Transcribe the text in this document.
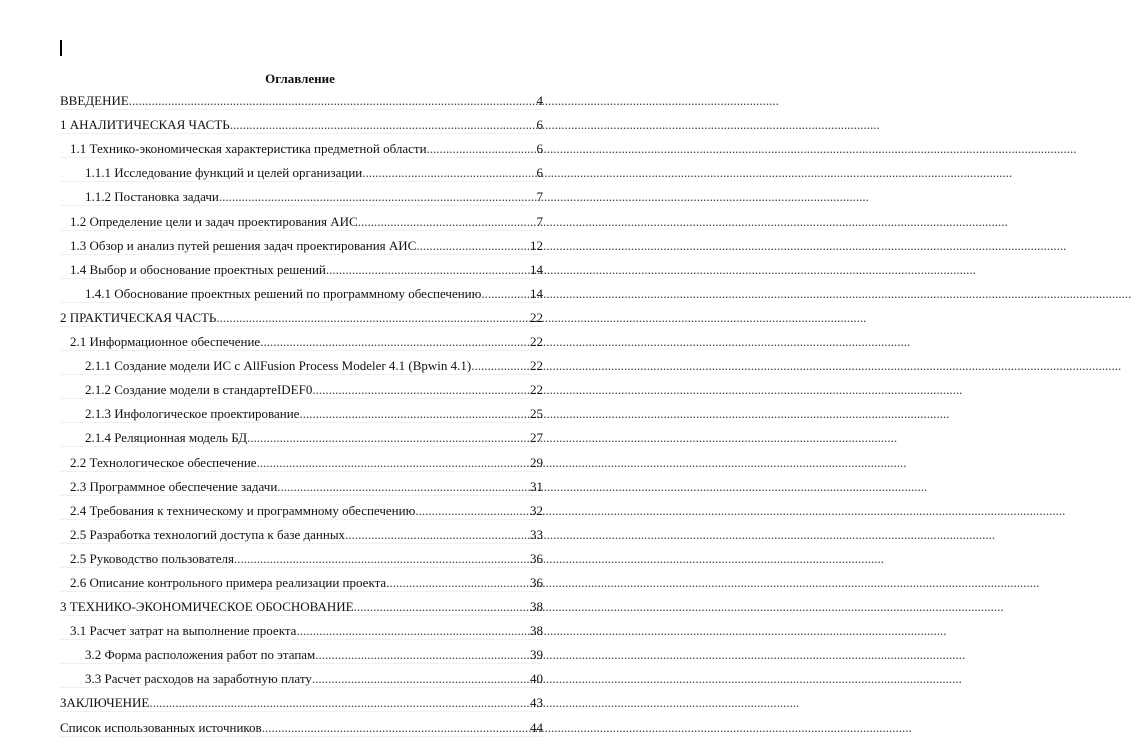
Оглавление
ВВЕДЕНИЕ .....	4
1 АНАЛИТИЧЕСКАЯ ЧАСТЬ .....	6
1.1 Технико-экономическая характеристика предметной области .....	6
1.1.1 Исследование функций и целей организации .....	6
1.1.2 Постановка задачи .....	7
1.2 Определение цели и задач проектирования АИС .....	7
1.3 Обзор и анализ путей решения задач проектирования АИС .....	12
1.4 Выбор и обоснование проектных решений .....	14
1.4.1 Обоснование проектных решений по программному обеспечению .....	14
2 ПРАКТИЧЕСКАЯ ЧАСТЬ .....	22
2.1 Информационное обеспечение .....	22
2.1.1 Создание модели ИС с AllFusion Process Modeler 4.1 (Bpwin 4.1) .....	22
2.1.2 Создание модели в стандартеIDEF0 .....	22
2.1.3 Инфологическое проектирование .....	25
2.1.4 Реляционная модель БД .....	27
2.2 Технологическое обеспечение .....	29
2.3 Программное обеспечение задачи .....	31
2.4 Требования к техническому и программному обеспечению .....	32
2.5 Разработка технологий доступа к базе данных .....	33
2.5 Руководство пользователя .....	36
2.6 Описание контрольного примера реализации проекта. .....	36
3 ТЕХНИКО-ЭКОНОМИЧЕСКОЕ ОБОСНОВАНИЕ .....	38
3.1 Расчет затрат на выполнение проекта .....	38
3.2 Форма расположения работ по этапам .....	39
3.3 Расчет расходов на заработную плату .....	40
ЗАКЛЮЧЕНИЕ .....	43
Список использованных источников .....	44
